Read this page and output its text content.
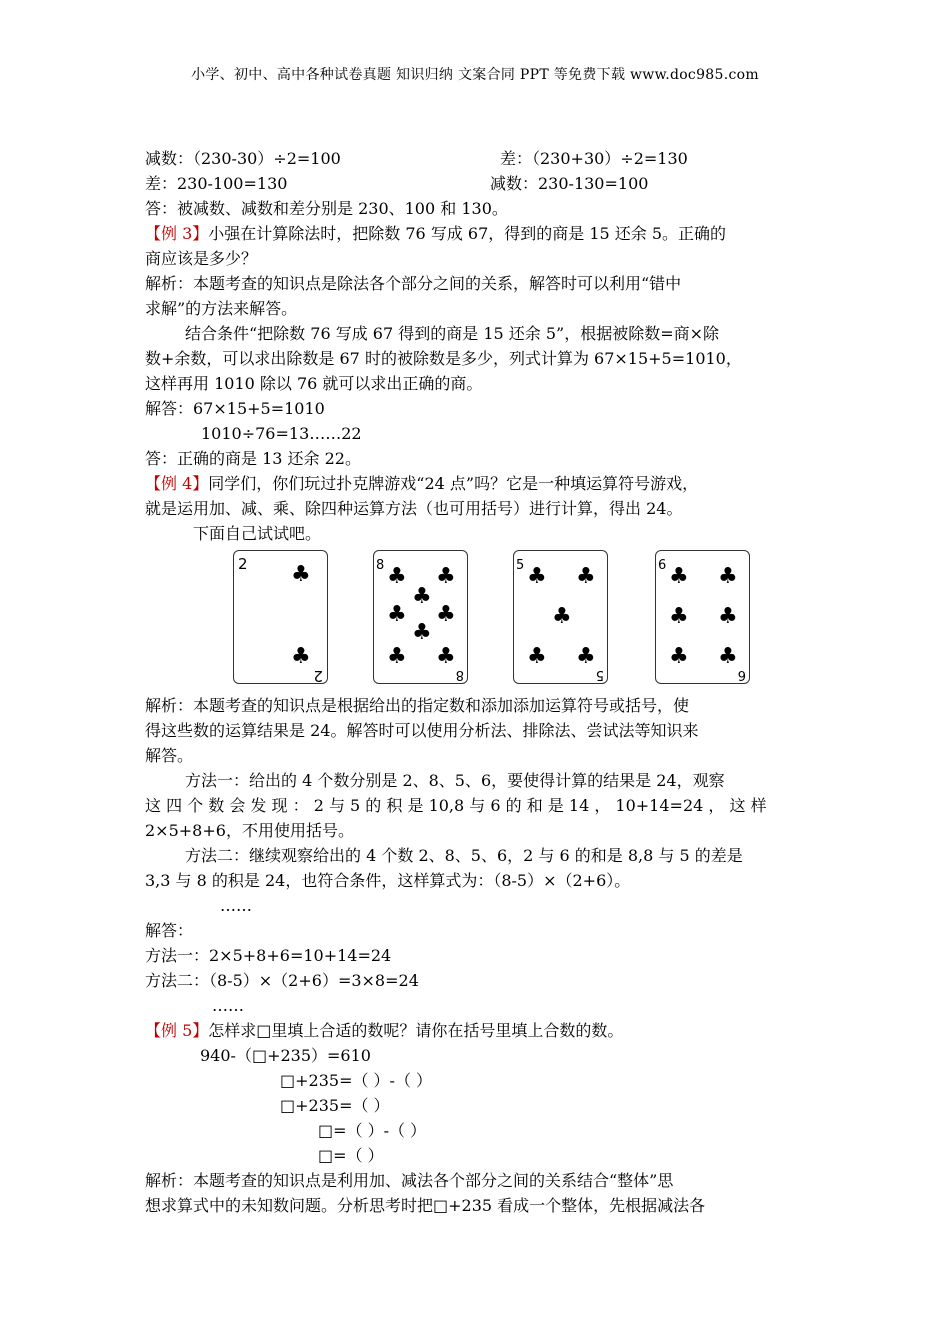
小学、初中、高中各种试卷真题 知识归纳 文案合同 PPT 等免费下载 www.doc985.com
减数：（230-30）÷2=100	差：（230+30）÷2=130
差：230-100=130	减数：230-130=100
答：被减数、减数和差分别是 230、100 和 130。
【例 3】小强在计算除法时，把除数 76 写成 67，得到的商是 15 还余 5。正确的
商应该是多少？
解析：本题考查的知识点是除法各个部分之间的关系，解答时可以利用“错中
求解”的方法来解答。
结合条件“把除数 76 写成 67 得到的商是 15 还余 5”，根据被除数=商×除
数+余数，可以求出除数是 67 时的被除数是多少，列式计算为 67×15+5=1010，
这样再用 1010 除以 76 就可以求出正确的商。
解答：67×15+5=1010
1010÷76=13……22
答：正确的商是 13 还余 22。
【例 4】同学们，你们玩过扑克牌游戏“24 点”吗？它是一种填运算符号游戏，
就是运用加、减、乘、除四种运算方法（也可用括号）进行计算，得出 24。
下面自己试试吧。
2 ♣
♣
2
8 ♣ ♣
♣
♣ ♣
♣
♣ ♣
8
5 ♣ ♣
♣
♣ ♣
5
6 ♣ ♣
♣ ♣
♣ ♣
6
解析：本题考查的知识点是根据给出的指定数和添加添加运算符号或括号，使
得这些数的运算结果是 24。解答时可以使用分析法、排除法、尝试法等知识来
解答。
方法一：给出的 4 个数分别是 2、8、5、6，要使得计算的结果是 24，观察
这 四 个 数 会 发 现 ： 2 与 5 的 积 是 10,8 与 6 的 和 是 14 ， 10+14=24 ， 这 样
2×5+8+6，不用使用括号。
方法二：继续观察给出的 4 个数 2、8、5、6，2 与 6 的和是 8,8 与 5 的差是
3,3 与 8 的积是 24，也符合条件，这样算式为：（8-5）×（2+6）。
……
解答：
方法一：2×5+8+6=10+14=24
方法二：（8-5）×（2+6）=3×8=24
……
【例 5】怎样求□里填上合适的数呢？请你在括号里填上合数的数。
940-（□+235）=610
□+235=（ ）-（ ）
□+235=（ ）
□=（ ）-（ ）
□=（ ）
解析：本题考查的知识点是利用加、减法各个部分之间的关系结合“整体”思
想求算式中的未知数问题。分析思考时把□+235 看成一个整体，先根据减法各
